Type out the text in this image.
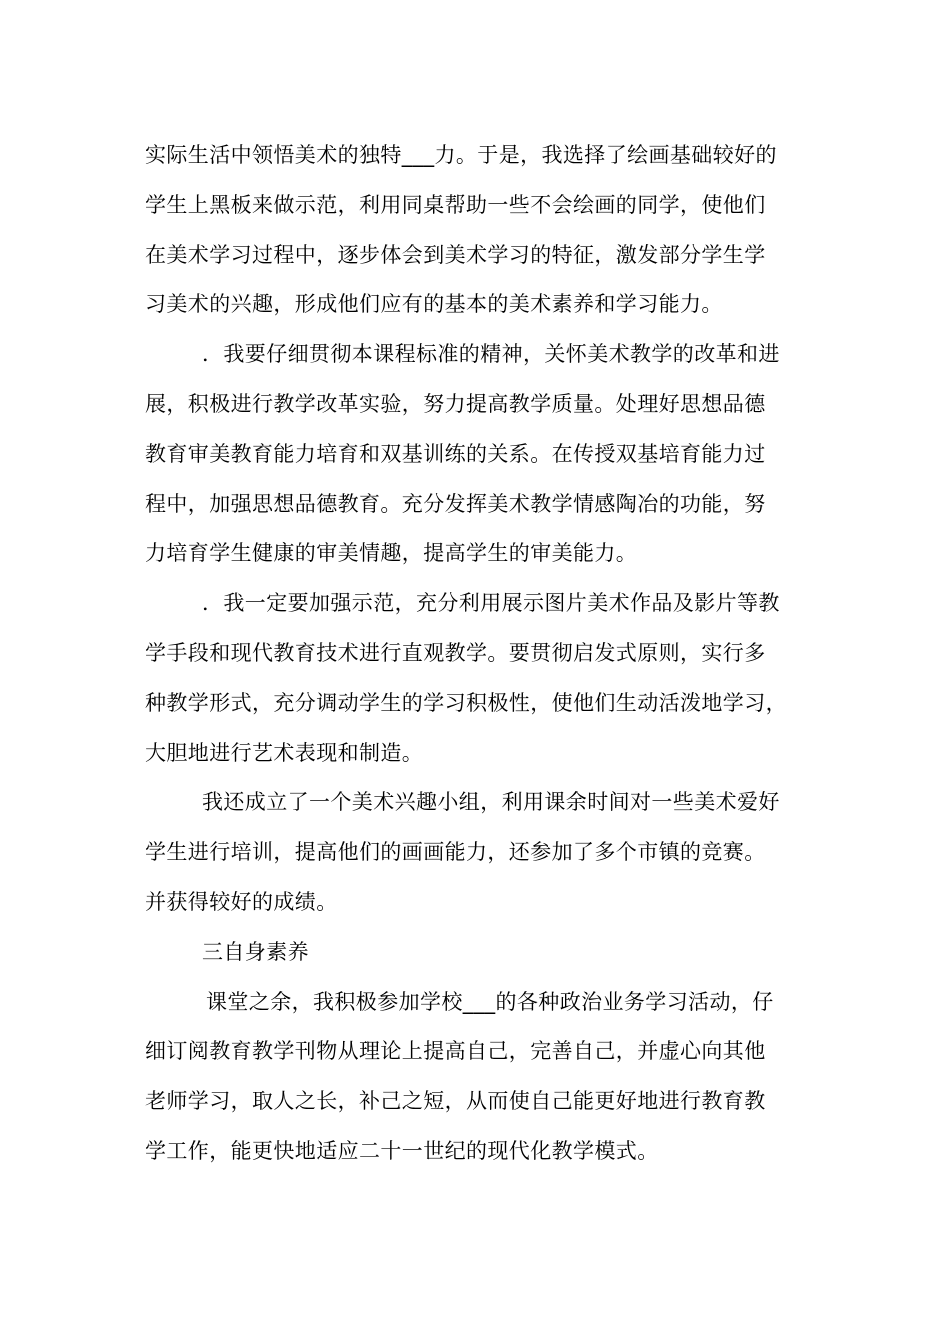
实际生活中领悟美术的独特___力。于是，我选择了绘画基础较好的
学生上黑板来做示范，利用同桌帮助一些不会绘画的同学，使他们
在美术学习过程中，逐步体会到美术学习的特征，激发部分学生学
习美术的兴趣，形成他们应有的基本的美术素养和学习能力。
．我要仔细贯彻本课程标准的精神，关怀美术教学的改革和进
展，积极进行教学改革实验，努力提高教学质量。处理好思想品德
教育审美教育能力培育和双基训练的关系。在传授双基培育能力过
程中，加强思想品德教育。充分发挥美术教学情感陶冶的功能，努
力培育学生健康的审美情趣，提高学生的审美能力。
．我一定要加强示范，充分利用展示图片美术作品及影片等教
学手段和现代教育技术进行直观教学。要贯彻启发式原则，实行多
种教学形式，充分调动学生的学习积极性，使他们生动活泼地学习，
大胆地进行艺术表现和制造。
我还成立了一个美术兴趣小组，利用课余时间对一些美术爱好
学生进行培训，提高他们的画画能力，还参加了多个市镇的竞赛。
并获得较好的成绩。
三自身素养
课堂之余，我积极参加学校___的各种政治业务学习活动，仔
细订阅教育教学刊物从理论上提高自己，完善自己，并虚心向其他
老师学习，取人之长，补己之短，从而使自己能更好地进行教育教
学工作，能更快地适应二十一世纪的现代化教学模式。
